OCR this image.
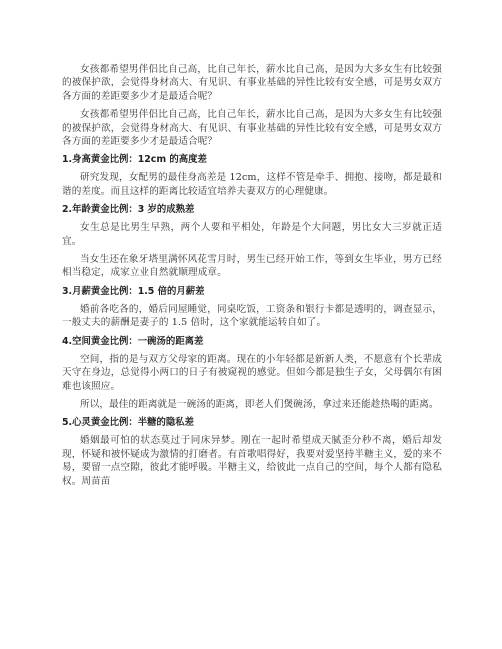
女孩都希望男伴侣比自己高，比自己年长，薪水比自己高，是因为大多女生有比较强的被保护欲，会觉得身材高大、有见识、有事业基础的异性比较有安全感，可是男女双方各方面的差距要多少才是最适合呢？

女孩都希望男伴侣比自己高，比自己年长，薪水比自己高，是因为大多女生有比较强的被保护欲，会觉得身材高大、有见识、有事业基础的异性比较有安全感，可是男女双方各方面的差距要多少才是最适合呢？

1.身高黄金比例：12cm 的高度差

研究发现，女配男的最佳身高差是 12cm，这样不管是牵手、拥抱、接吻，都是最和谐的差度。而且这样的距离比较适宜培养夫妻双方的心理健康。

2.年龄黄金比例：3 岁的成熟差

女生总是比男生早熟，两个人要和平相处，年龄是个大问题，男比女大三岁就正适宜。

当女生还在象牙塔里满怀风花雪月时，男生已经开始工作，等到女生毕业，男方已经相当稳定，成家立业自然就顺理成章。

3.月薪黄金比例：1.5 倍的月薪差

婚前各吃各的，婚后同屋睡觉，同桌吃饭，工资条和银行卡都是透明的，调查显示，一般丈夫的薪酬是妻子的 1.5 倍时，这个家就能运转自如了。

4.空间黄金比例：一碗汤的距离差

空间，指的是与双方父母家的距离。现在的小年轻都是新新人类，不愿意有个长辈成天守在身边，总觉得小两口的日子有被窥视的感觉。但如今都是独生子女，父母偶尔有困难也该照应。

所以，最佳的距离就是一碗汤的距离，即老人们煲碗汤，拿过来还能趁热喝的距离。

5.心灵黄金比例：半糖的隐私差

婚姻最可怕的状态莫过于同床异梦。刚在一起时希望成天腻歪分秒不离，婚后却发现，怀疑和被怀疑成为激情的打磨者。有首歌唱得好，我要对爱坚持半糖主义，爱的来不易，要留一点空隙，彼此才能呼吸。半糖主义，给彼此一点自己的空间，每个人都有隐私权。周苗苗
